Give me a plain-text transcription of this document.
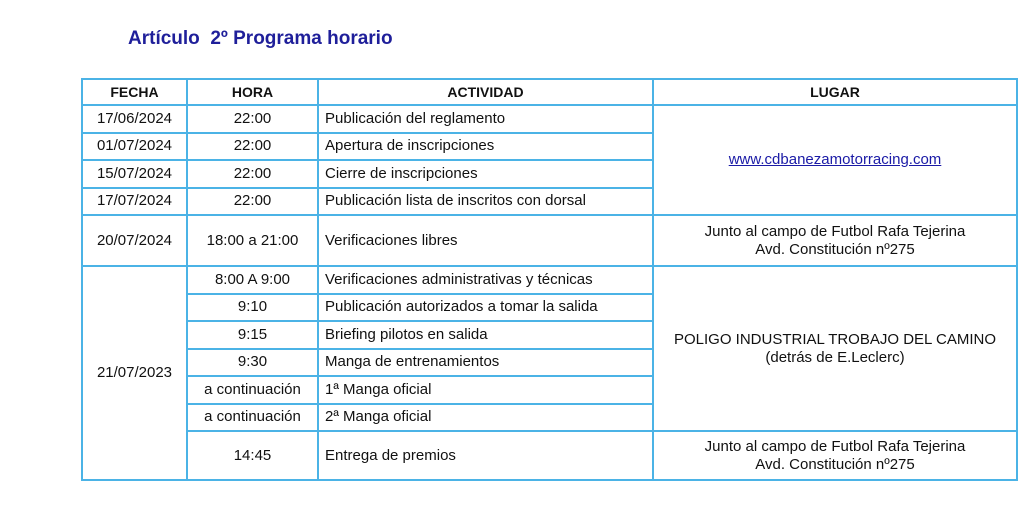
Artículo  2º Programa horario
FECHA	HORA	ACTIVIDAD	LUGAR
17/06/2024	22:00	Publicación del reglamento	www.cdbanezamotorracing.com
01/07/2024	22:00	Apertura de inscripciones	
15/07/2024	22:00	Cierre de inscripciones	
17/07/2024	22:00	Publicación lista de inscritos con dorsal	
20/07/2024	18:00 a 21:00	Verificaciones libres	Junto al campo de Futbol Rafa Tejerina
Avd. Constitución nº275

21/07/2023	8:00 A 9:00	Verificaciones administrativas y técnicas	POLIGO INDUSTRIAL TROBAJO DEL CAMINO
(detrás de E.Leclerc)

	9:10	Publicación autorizados a tomar la salida	
	9:15	Briefing pilotos en salida	
	9:30	Manga de entrenamientos	
	a continuación	1ª Manga oficial	
	a continuación	2ª Manga oficial	
	14:45	Entrega de premios	Junto al campo de Futbol Rafa Tejerina
Avd. Constitución nº275
